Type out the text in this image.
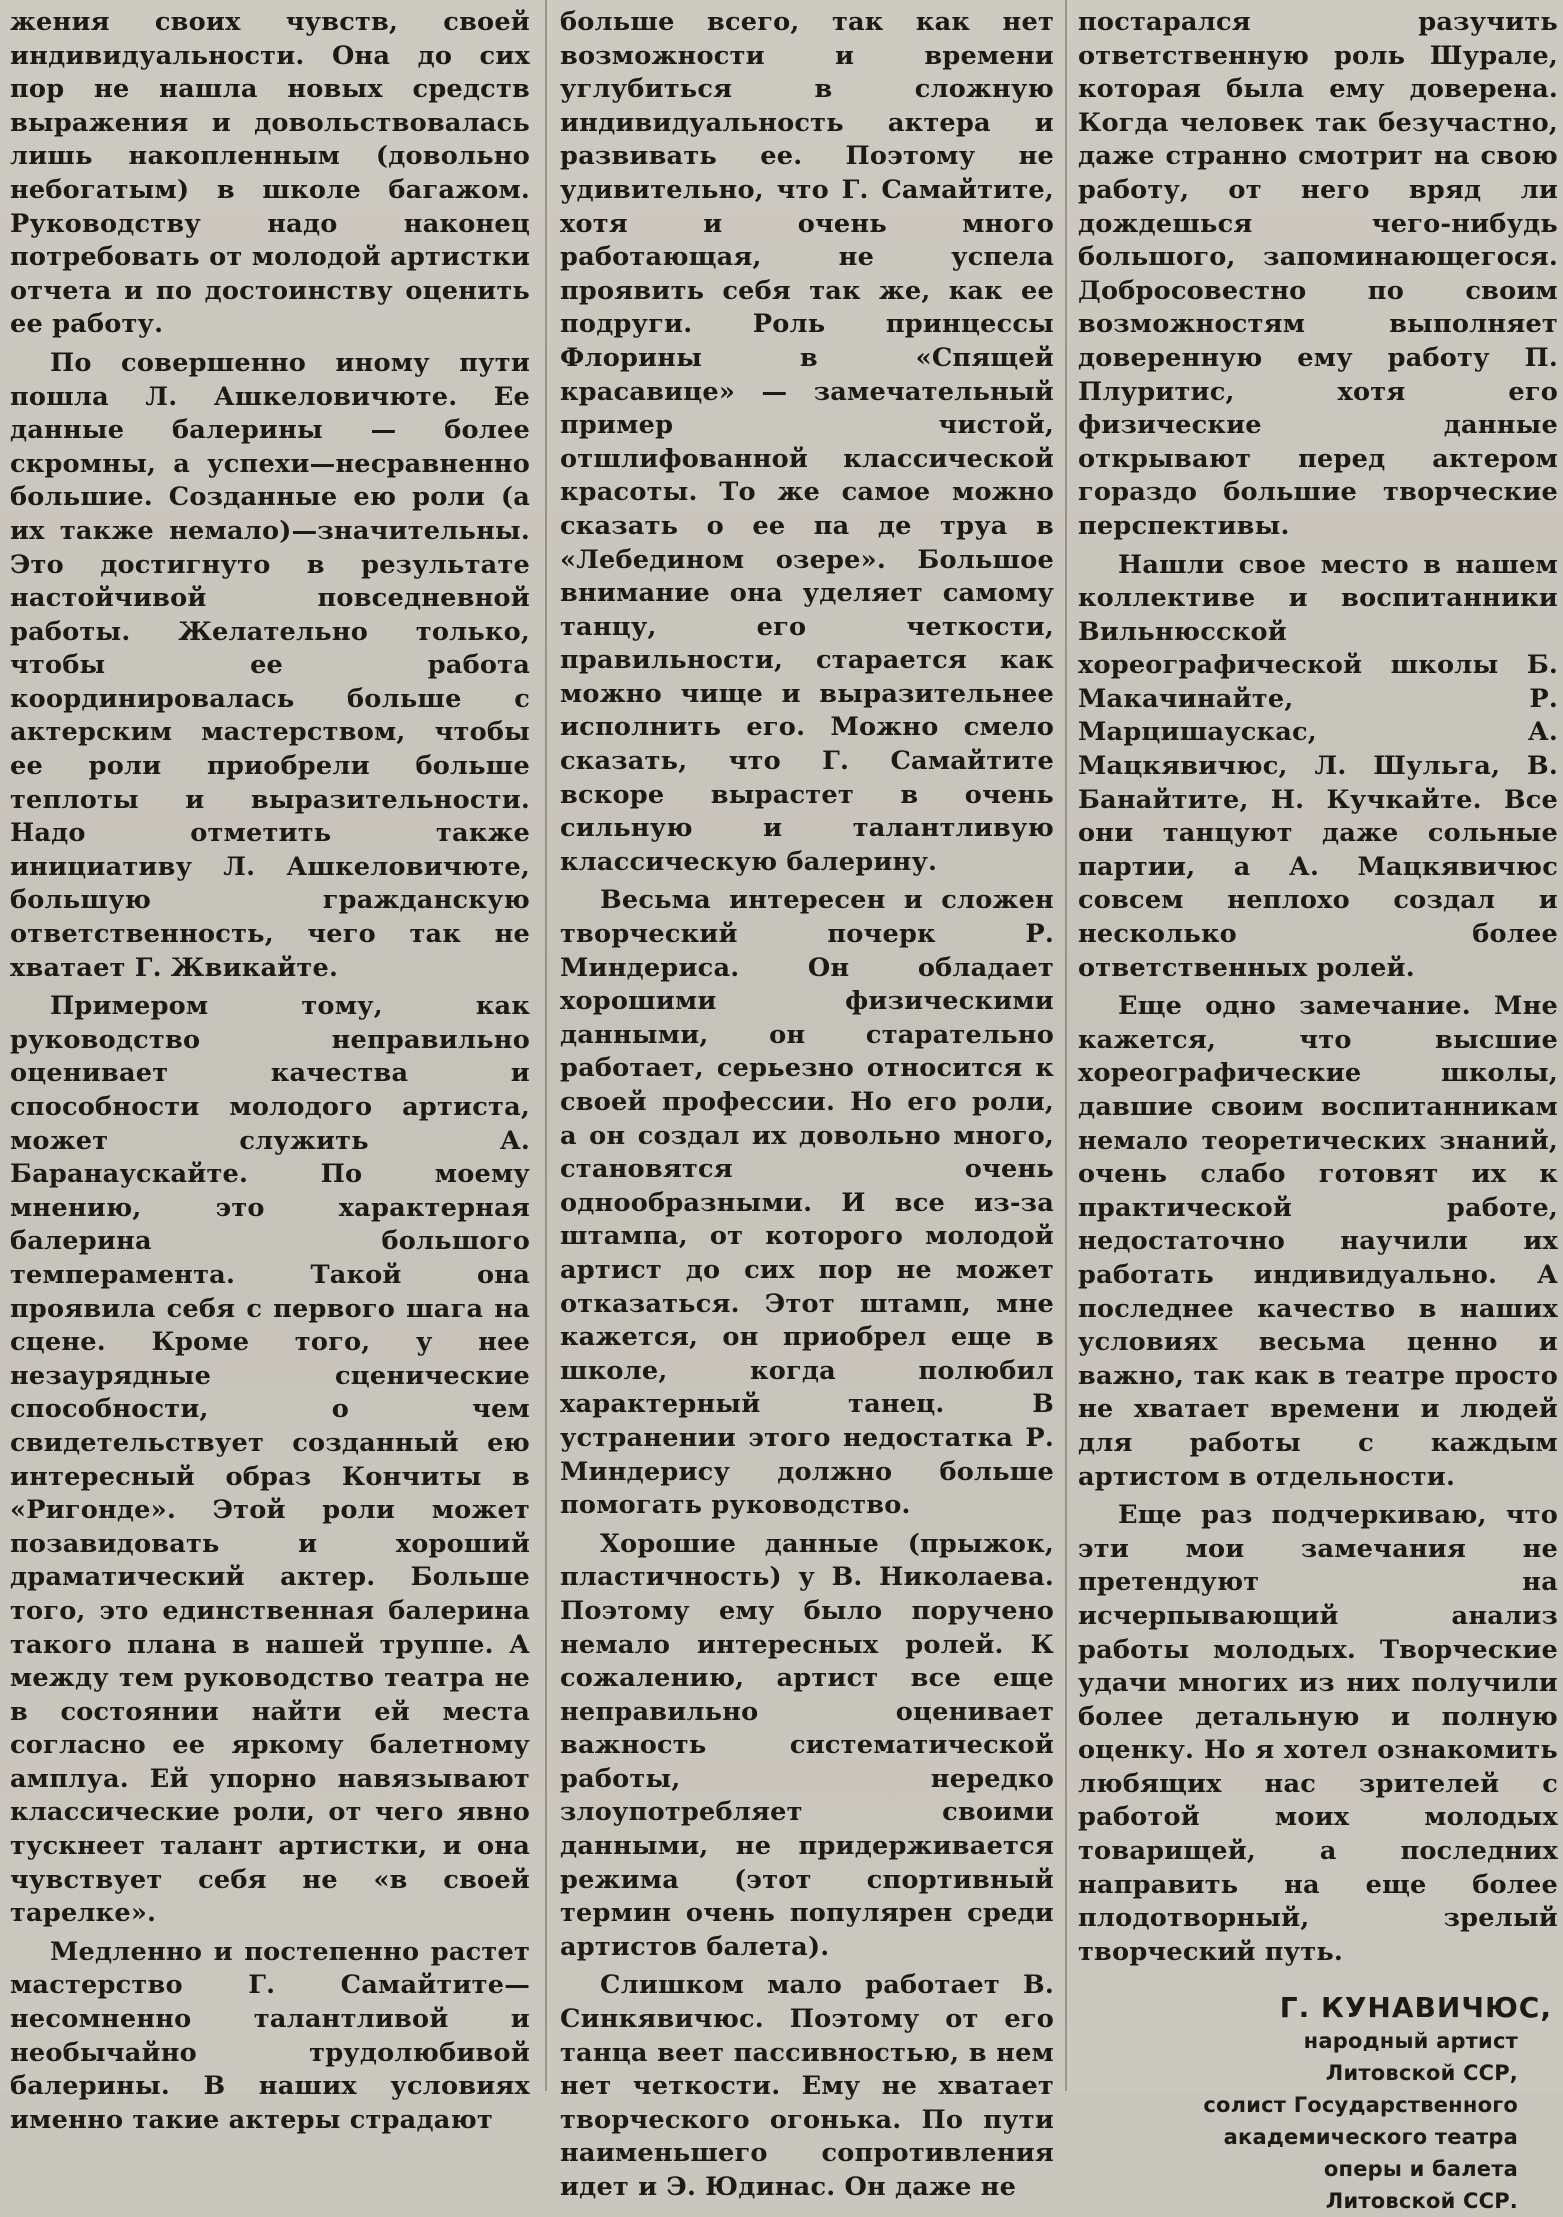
жения своих чувств, своей индивидуальности. Она до сих пор не нашла новых средств выражения и довольствовалась лишь накопленным (довольно небогатым) в школе багажом. Руководству надо наконец потребовать от молодой артистки отчета и по достоинству оценить ее работу.

По совершенно иному пути пошла Л. Ашкеловичюте. Ее данные балерины — более скромны, а успехи—несравненно большие. Созданные ею роли (а их также немало)—значительны. Это достигнуто в результате настойчивой повседневной работы. Желательно только, чтобы ее работа координировалась больше с актерским мастерством, чтобы ее роли приобрели больше теплоты и выразительности. Надо отметить также инициативу Л. Ашкеловичюте, большую гражданскую ответственность, чего так не хватает Г. Жвикайте.

Примером тому, как руководство неправильно оценивает качества и способности молодого артиста, может служить А. Баранаускайте. По моему мнению, это характерная балерина большого темперамента. Такой она проявила себя с первого шага на сцене. Кроме того, у нее незаурядные сценические способности, о чем свидетельствует созданный ею интересный образ Кончиты в «Ригонде». Этой роли может позавидовать и хороший драматический актер. Больше того, это единственная балерина такого плана в нашей труппе. А между тем руководство театра не в состоянии найти ей места согласно ее яркому балетному амплуа. Ей упорно навязывают классические роли, от чего явно тускнеет талант артистки, и она чувствует себя не «в своей тарелке».

Медленно и постепенно растет мастерство Г. Самайтите—несомненно талантливой и необычайно трудолюбивой балерины. В наших условиях именно такие актеры страдают

больше всего, так как нет возможности и времени углубиться в сложную индивидуальность актера и развивать ее. Поэтому не удивительно, что Г. Самайтите, хотя и очень много работающая, не успела проявить себя так же, как ее подруги. Роль принцессы Флорины в «Спящей красавице» — замечательный пример чистой, отшлифованной классической красоты. То же самое можно сказать о ее па де труа в «Лебедином озере». Большое внимание она уделяет самому танцу, его четкости, правильности, старается как можно чище и выразительнее исполнить его. Можно смело сказать, что Г. Самайтите вскоре вырастет в очень сильную и талантливую классическую балерину.

Весьма интересен и сложен творческий почерк Р. Миндериса. Он обладает хорошими физическими данными, он старательно работает, серьезно относится к своей профессии. Но его роли, а он создал их довольно много, становятся очень однообразными. И все из-за штампа, от которого молодой артист до сих пор не может отказаться. Этот штамп, мне кажется, он приобрел еще в школе, когда полюбил характерный танец. В устранении этого недостатка Р. Миндерису должно больше помогать руководство.

Хорошие данные (прыжок, пластичность) у В. Николаева. Поэтому ему было поручено немало интересных ролей. К сожалению, артист все еще неправильно оценивает важность систематической работы, нередко злоупотребляет своими данными, не придерживается режима (этот спортивный термин очень популярен среди артистов балета).

Слишком мало работает В. Синкявичюс. Поэтому от его танца веет пассивностью, в нем нет четкости. Ему не хватает творческого огонька. По пути наименьшего сопротивления идет и Э. Юдинас. Он даже не

постарался разучить ответственную роль Шурале, которая была ему доверена. Когда человек так безучастно, даже странно смотрит на свою работу, от него вряд ли дождешься чего-нибудь большого, запоминающегося. Добросовестно по своим возможностям выполняет доверенную ему работу П. Плуритис, хотя его физические данные открывают перед актером гораздо большие творческие перспективы.

Нашли свое место в нашем коллективе и воспитанники Вильнюсской хореографической школы Б. Макачинайте, Р. Марцишаускас, А. Мацкявичюс, Л. Шульга, В. Банайтите, Н. Кучкайте. Все они танцуют даже сольные партии, а А. Мацкявичюс совсем неплохо создал и несколько более ответственных ролей.

Еще одно замечание. Мне кажется, что высшие хореографические школы, давшие своим воспитанникам немало теоретических знаний, очень слабо готовят их к практической работе, недостаточно научили их работать индивидуально. А последнее качество в наших условиях весьма ценно и важно, так как в театре просто не хватает времени и людей для работы с каждым артистом в отдельности.

Еще раз подчеркиваю, что эти мои замечания не претендуют на исчерпывающий анализ работы молодых. Творческие удачи многих из них получили более детальную и полную оценку. Но я хотел ознакомить любящих нас зрителей с работой моих молодых товарищей, а последних направить на еще более плодотворный, зрелый творческий путь.

Г. КУНАВИЧЮС,
народный артист
Литовской ССР,
солист Государственного
академического театра
оперы и балета
Литовской ССР.
